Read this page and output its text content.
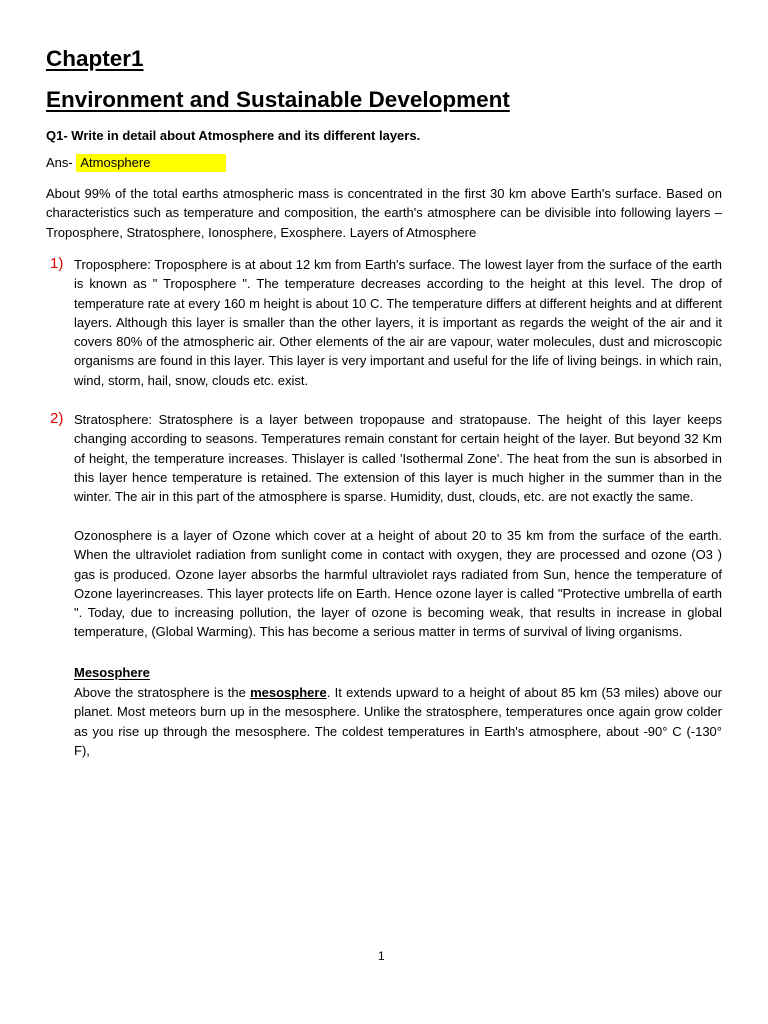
Chapter1
Environment and Sustainable Development
Q1- Write in detail about Atmosphere and its different layers.
Ans- Atmosphere

About 99% of the total earths atmospheric mass is concentrated in the first 30 km above Earth's surface. Based on characteristics such as temperature and composition, the earth's atmosphere can be divisible into following layers –Troposphere, Stratosphere, Ionosphere, Exosphere. Layers of Atmosphere

1) Troposphere: Troposphere is at about 12 km from Earth's surface. The lowest layer from the surface of the earth is known as " Troposphere ". The temperature decreases according to the height at this level. The drop of temperature rate at every 160 m height is about 10 C. The temperature differs at different heights and at different layers. Although this layer is smaller than the other layers, it is important as regards the weight of the air and it covers 80% of the atmospheric air. Other elements of the air are vapour, water molecules, dust and microscopic organisms are found in this layer. This layer is very important and useful for the life of living beings. in which rain, wind, storm, hail, snow, clouds etc. exist.

2) Stratosphere: Stratosphere is a layer between tropopause and stratopause. The height of this layer keeps changing according to seasons. Temperatures remain constant for certain height of the layer. But beyond 32 Km of height, the temperature increases. Thislayer is called 'Isothermal Zone'. The heat from the sun is absorbed in this layer hence temperature is retained. The extension of this layer is much higher in the summer than in the winter. The air in this part of the atmosphere is sparse. Humidity, dust, clouds, etc. are not exactly the same.

Ozonosphere is a layer of Ozone which cover at a height of about 20 to 35 km from the surface of the earth. When the ultraviolet radiation from sunlight come in contact with oxygen, they are processed and ozone (O3 ) gas is produced. Ozone layer absorbs the harmful ultraviolet rays radiated from Sun, hence the temperature of Ozone layerincreases. This layer protects life on Earth. Hence ozone layer is called "Protective umbrella of earth ". Today, due to increasing pollution, the layer of ozone is becoming weak, that results in increase in global temperature, (Global Warming). This has become a serious matter in terms of survival of living organisms.

Mesosphere

Above the stratosphere is the mesosphere. It extends upward to a height of about 85 km (53 miles) above our planet. Most meteors burn up in the mesosphere. Unlike the stratosphere, temperatures once again grow colder as you rise up through the mesosphere. The coldest temperatures in Earth's atmosphere, about -90° C (-130° F),

1
